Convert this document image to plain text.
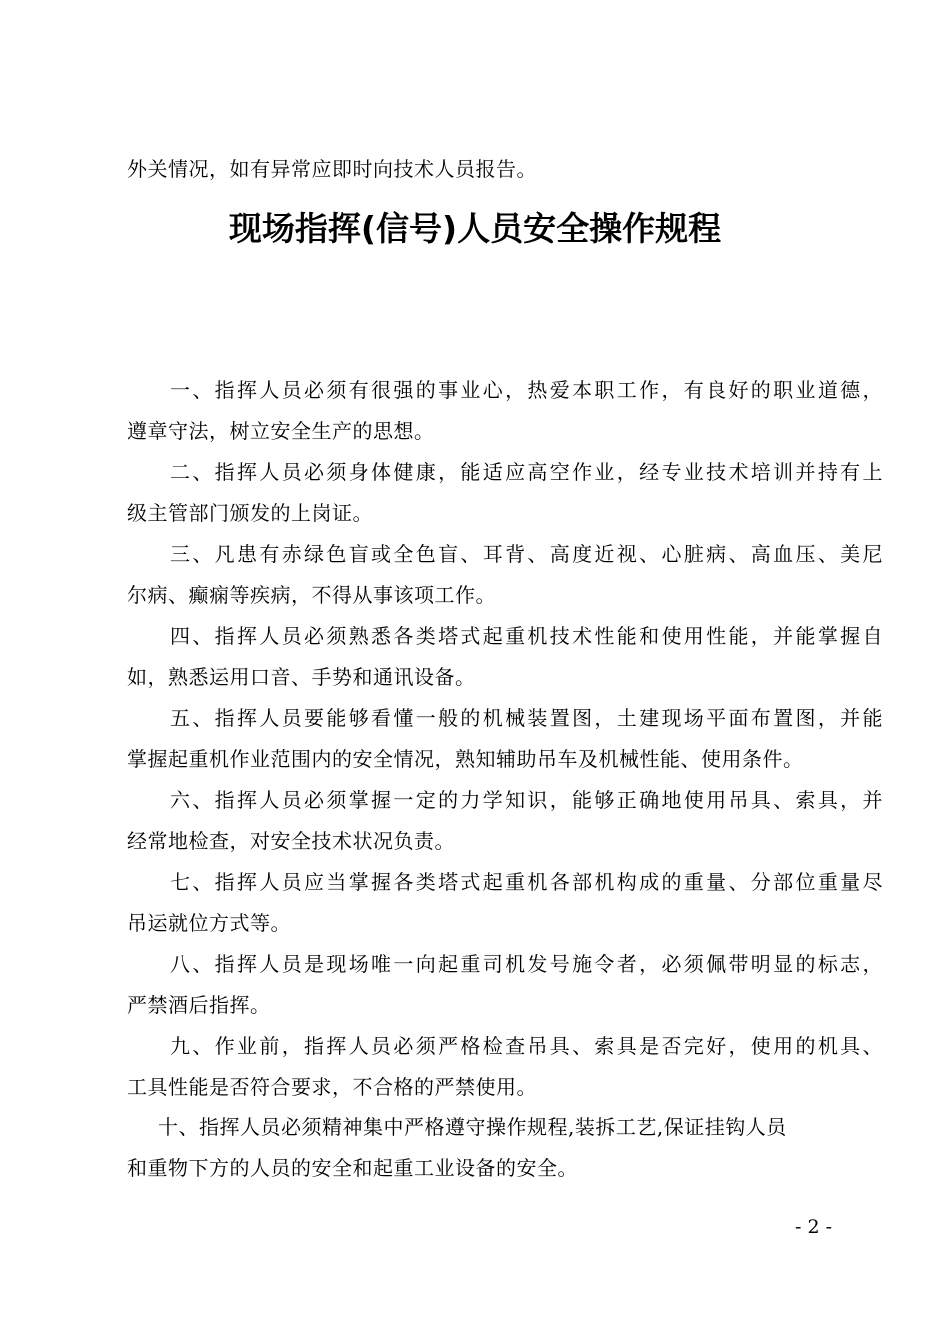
外关情况，如有异常应即时向技术人员报告。
现场指挥(信号)人员安全操作规程
一、指挥人员必须有很强的事业心，热爱本职工作，有良好的职业道德，
遵章守法，树立安全生产的思想。
二、指挥人员必须身体健康，能适应高空作业，经专业技术培训并持有上
级主管部门颁发的上岗证。
三、凡患有赤绿色盲或全色盲、耳背、高度近视、心脏病、高血压、美尼
尔病、癫痫等疾病，不得从事该项工作。
四、指挥人员必须熟悉各类塔式起重机技术性能和使用性能，并能掌握自
如，熟悉运用口音、手势和通讯设备。
五、指挥人员要能够看懂一般的机械装置图，土建现场平面布置图，并能
掌握起重机作业范围内的安全情况，熟知辅助吊车及机械性能、使用条件。
六、指挥人员必须掌握一定的力学知识，能够正确地使用吊具、索具，并
经常地检查，对安全技术状况负责。
七、指挥人员应当掌握各类塔式起重机各部机构成的重量、分部位重量尽
吊运就位方式等。
八、指挥人员是现场唯一向起重司机发号施令者，必须佩带明显的标志，
严禁酒后指挥。
九、作业前，指挥人员必须严格检查吊具、索具是否完好，使用的机具、
工具性能是否符合要求，不合格的严禁使用。
十、指挥人员必须精神集中严格遵守操作规程,装拆工艺,保证挂钩人员
和重物下方的人员的安全和起重工业设备的安全。
- 2 -
